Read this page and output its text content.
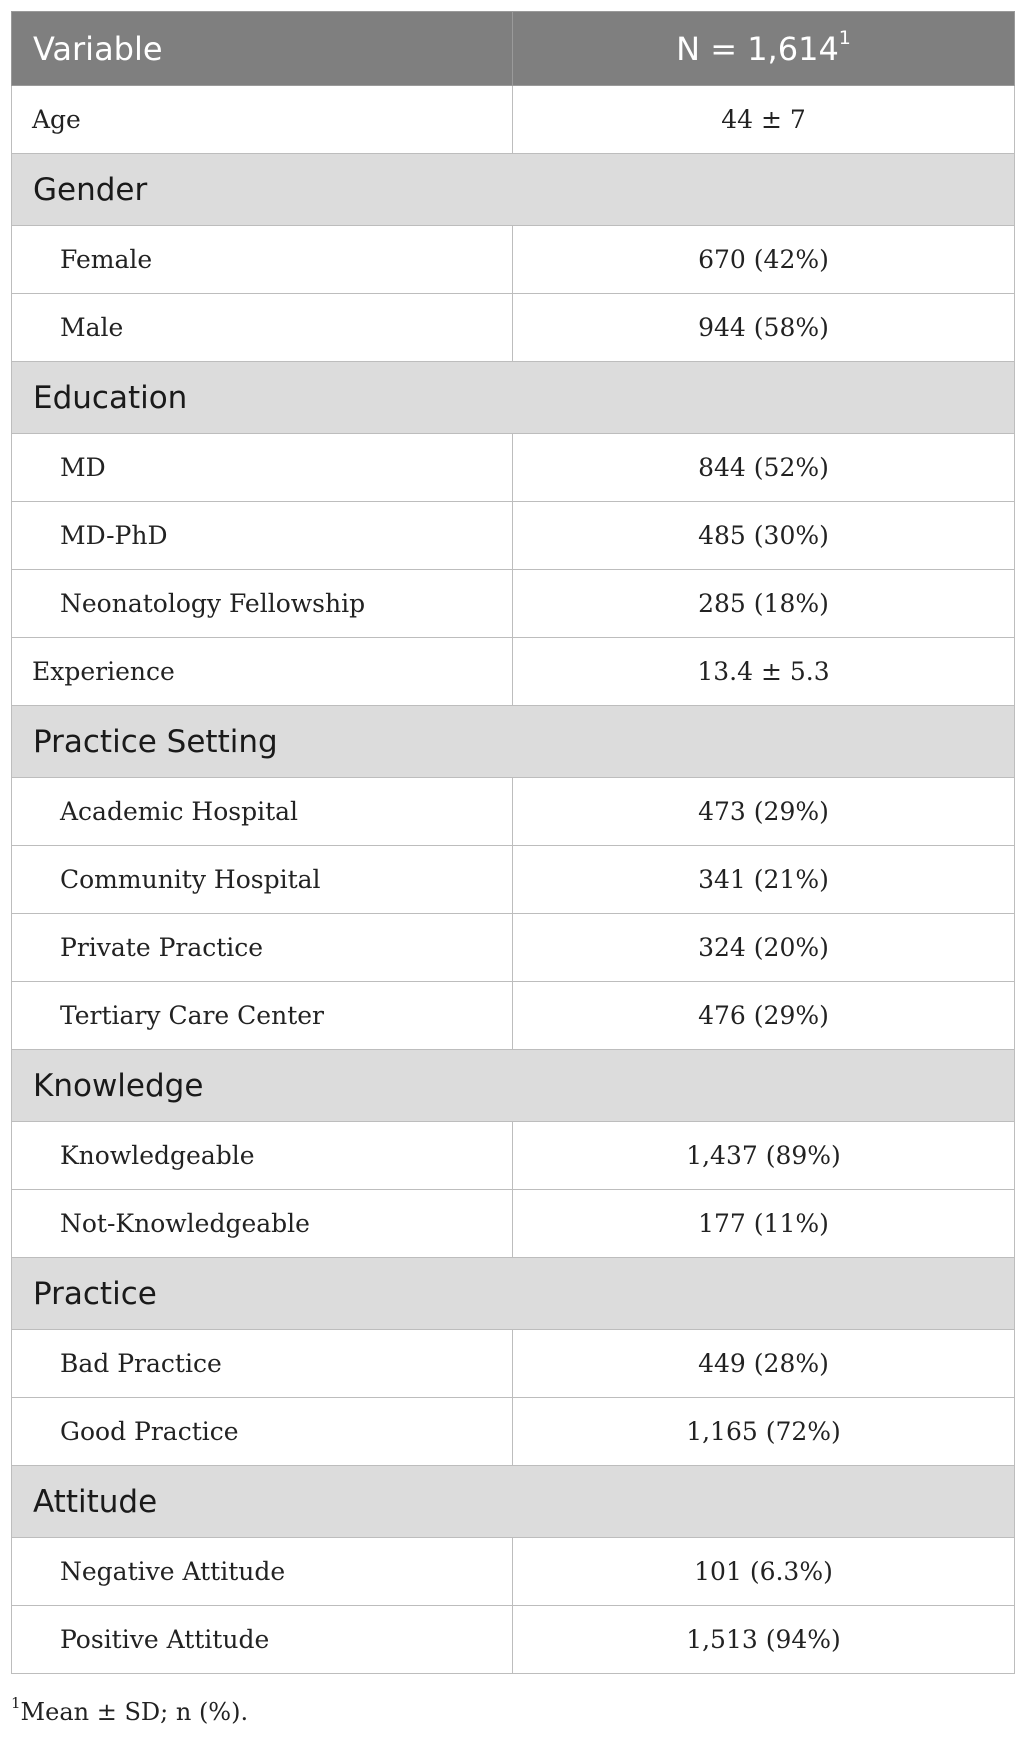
Variable	$N = 1,614^1$
Age	44 ± 7
Gender	
Female	670 (42%)
Male	944 (58%)
Education	
MD	844 (52%)
MD-PhD	485 (30%)
Neonatology Fellowship	285 (18%)
Experience	13.4 ± 5.3
Practice Setting	
Academic Hospital	473 (29%)
Community Hospital	341 (21%)
Private Practice	324 (20%)
Tertiary Care Center	476 (29%)
Knowledge	
Knowledgeable	1,437 (89%)
Not-Knowledgeable	177 (11%)
Practice	
Bad Practice	449 (28%)
Good Practice	1,165 (72%)
Attitude	
Negative Attitude	101 (6.3%)
Positive Attitude	1,513 (94%)
$^1$Mean ± SD; n (%).
